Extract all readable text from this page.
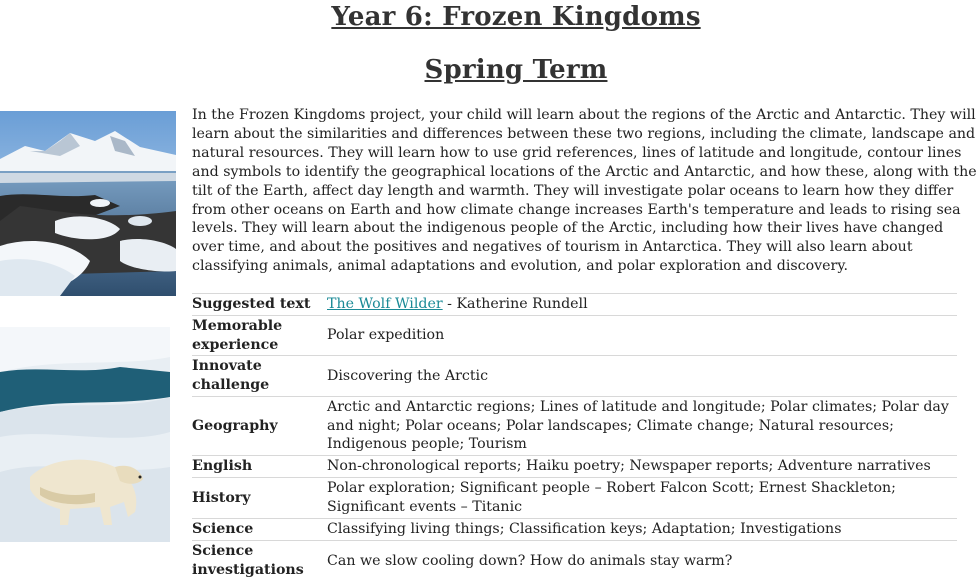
Year 6: Frozen Kingdoms
Spring Term

In the Frozen Kingdoms project, your child will learn about the regions of the Arctic and Antarctic. They will learn about the similarities and differences between these two regions, including the climate, landscape and natural resources. They will learn how to use grid references, lines of latitude and longitude, contour lines and symbols to identify the geographical locations of the Arctic and Antarctic, and how these, along with the tilt of the Earth, affect day length and warmth. They will investigate polar oceans to learn how they differ from other oceans on Earth and how climate change increases Earth's temperature and leads to rising sea levels. They will learn about the indigenous people of the Arctic, including how their lives have changed over time, and about the positives and negatives of tourism in Antarctica. They will also learn about classifying animals, animal adaptations and evolution, and polar exploration and discovery.

Suggested text	The Wolf Wilder - Katherine Rundell
Memorable experience	Polar expedition
Innovate challenge	Discovering the Arctic
Geography	Arctic and Antarctic regions; Lines of latitude and longitude; Polar climates; Polar day and night; Polar oceans; Polar landscapes; Climate change; Natural resources; Indigenous people; Tourism
English	Non-chronological reports; Haiku poetry; Newspaper reports; Adventure narratives
History	Polar exploration; Significant people – Robert Falcon Scott; Ernest Shackleton; Significant events – Titanic
Science	Classifying living things; Classification keys; Adaptation; Investigations
Science investigations	Can we slow cooling down? How do animals stay warm?
